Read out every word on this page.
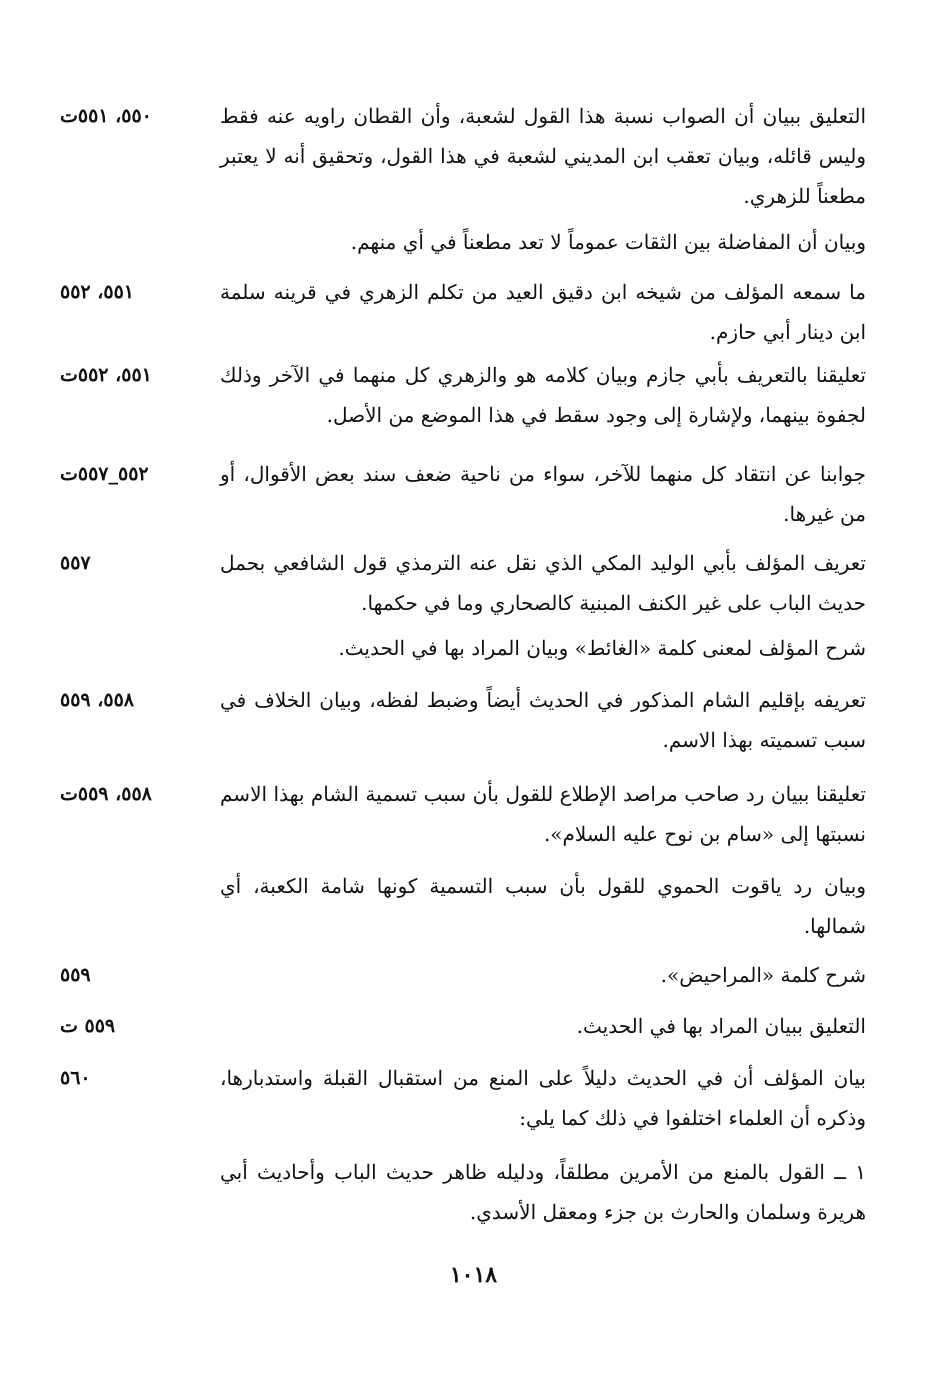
٥٥٠، ٥٥١ت	التعليق ببيان أن الصواب نسبة هذا القول لشعبة، وأن القطان راويه عنه فقط وليس قائله، وبيان تعقب ابن المديني لشعبة في هذا القول، وتحقيق أنه لا يعتبر مطعناً للزهري.
وبيان أن المفاضلة بين الثقات عموماً لا تعد مطعناً في أي منهم.
٥٥١، ٥٥٢	ما سمعه المؤلف من شيخه ابن دقيق العيد من تكلم الزهري في قرينه سلمة ابن دينار أبي حازم.
٥٥١، ٥٥٢ت	تعليقنا بالتعريف بأبي جازم وبيان كلامه هو والزهري كل منهما في الآخر وذلك لجفوة بينهما، ولإشارة إلى وجود سقط في هذا الموضع من الأصل.
٥٥٢_٥٥٧ت	جوابنا عن انتقاد كل منهما للآخر، سواء من ناحية ضعف سند بعض الأقوال، أو من غيرها.
٥٥٧	تعريف المؤلف بأبي الوليد المكي الذي نقل عنه الترمذي قول الشافعي بحمل حديث الباب على غير الكنف المبنية كالصحاري وما في حكمها.
شرح المؤلف لمعنى كلمة «الغائط» وبيان المراد بها في الحديث.
٥٥٨، ٥٥٩	تعريفه بإقليم الشام المذكور في الحديث أيضاً وضبط لفظه، وبيان الخلاف في سبب تسميته بهذا الاسم.
٥٥٨، ٥٥٩ت	تعليقنا ببيان رد صاحب مراصد الإطلاع للقول بأن سبب تسمية الشام بهذا الاسم نسبتها إلى «سام بن نوح عليه السلام».
وبيان رد ياقوت الحموي للقول بأن سبب التسمية كونها شامة الكعبة، أي شمالها.
٥٥٩	شرح كلمة «المراحيض».
٥٥٩ ت	التعليق ببيان المراد بها في الحديث.
٥٦٠	بيان المؤلف أن في الحديث دليلاً على المنع من استقبال القبلة واستدبارها، وذكره أن العلماء اختلفوا في ذلك كما يلي:
١ ــ القول بالمنع من الأمرين مطلقاً، ودليله ظاهر حديث الباب وأحاديث أبي هريرة وسلمان والحارث بن جزء ومعقل الأسدي.
١٠١٨
